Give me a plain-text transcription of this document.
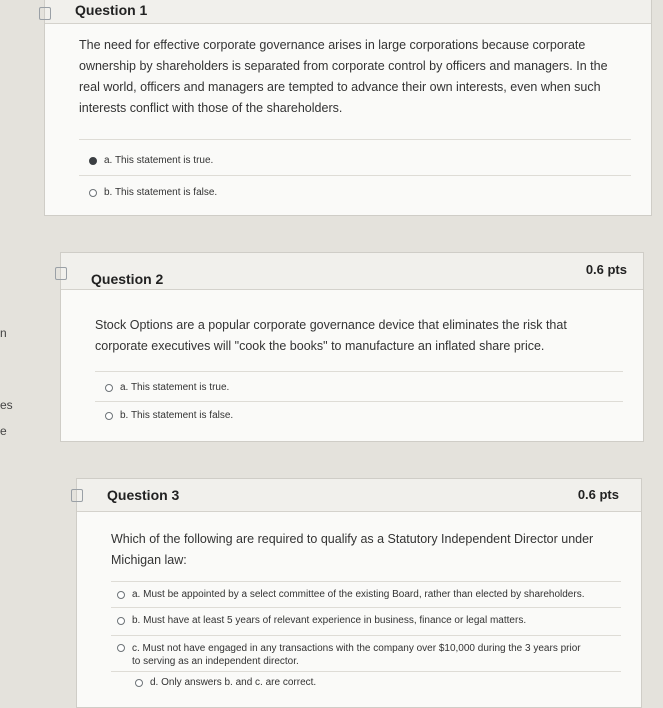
n
es
e
Question 1
The need for effective corporate governance arises in large corporations because corporate ownership by shareholders is separated from corporate control by officers and managers. In the real world, officers and managers are tempted to advance their own interests, even when such interests conflict with those of the shareholders.
a. This statement is true.
b. This statement is false.
Question 2
0.6 pts
Stock Options are a popular corporate governance device that eliminates the risk that corporate executives will "cook the books" to manufacture an inflated share price.
a. This statement is true.
b. This statement is false.
Question 3	0.6 pts
Which of the following are required to qualify as a Statutory Independent Director under Michigan law:
a. Must be appointed by a select committee of the existing Board, rather than elected by shareholders.
b. Must have at least 5 years of relevant experience in business, finance or legal matters.
c. Must not have engaged in any transactions with the company over $10,000 during the 3 years prior to serving as an independent director.
d. Only answers b. and c. are correct.
